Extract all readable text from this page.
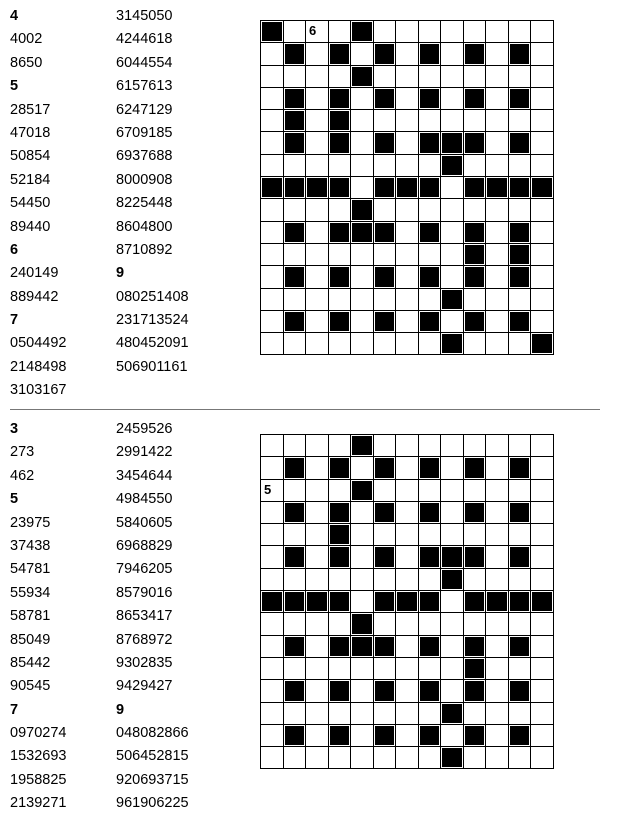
4
4002
8650
5
28517
47018
50854
52184
54450
89440
6
240149
889442
7
0504492
2148498
3103167
3145050
4244618
6044554
6157613
6247129
6709185
6937688
8000908
8225448
8604800
8710892
9
080251408
231713524
480452091
506901161

		6										

3
273
462
5
23975
37438
54781
55934
58781
85049
85442
90545
7
0970274
1532693
1958825
2139271
2459526
2991422
3454644
4984550
5840605
6968829
7946205
8579016
8653417
8768972
9302835
9429427
9
048082866
506452815
920693715
961906225

5												
